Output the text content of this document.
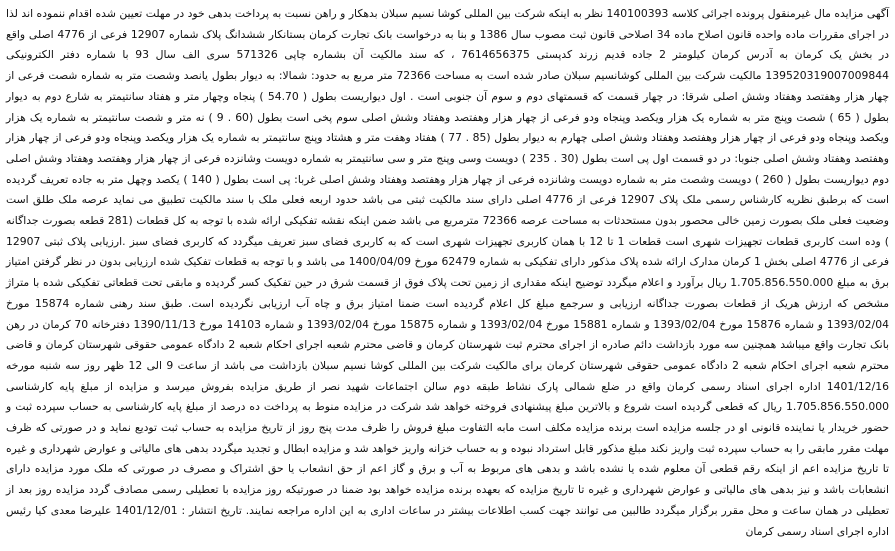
آگهی مزایده مال غیرمنقول پرونده اجرائی کلاسه 140100393 نظر به اینکه شرکت بین المللی کوشا نسیم سبلان بدهکار و راهن نسبت به پرداخت بدهی خود در مهلت تعیین شده اقدام ننموده اند لذا در اجرای مقررات ماده واحده قانون اصلاح ماده 34 اصلاحی قانون ثبت مصوب سال 1386 و بنا به درخواست بانک تجارت کرمان بستانکار ششدانگ پلاک شماره 12907 فرعی از 4776 اصلی واقع در بخش یک کرمان به آدرس کرمان کیلومتر 2 جاده قدیم زرند کدپستی 7614656375 ، که سند مالکیت آن بشماره چاپی 571326 سری الف سال 93 با شماره دفتر الکترونیکی 139520319007009844 مالکیت شرکت بین المللی کوشانسیم سبلان صادر شده است به مساحت 72366 متر مربع به حدود: شمالا: به دیوار بطول یانصد وشصت متر به شماره شصت فرعی از چهار هزار وهفتصد وهفتاد وشش اصلی شرقا: در چهار قسمت که قسمتهای دوم و سوم آن جنوبی است . اول دیواریست بطول ( 54.70 ) پنجاه وچهار متر و هفتاد سانتیمتر به شارع دوم به دیوار بطول ( 65 ) شصت وپنج متر به شماره یک هزار ویکصد وپنجاه ودو فرعی از چهار هزار وهفتصد وهفتاد وشش اصلی سوم پخی است بطول (60 . 9 ) نه متر و شصت سانتیمتر به شماره یک هزار ویکصد وپنجاه ودو فرعی از چهار هزار وهفتصد وهفتاد وشش اصلی چهارم به دیوار بطول (85 . 77 ) هفتاد وهفت متر و هشتاد وپنج سانتیمتر به شماره یک هزار ویکصد وپنجاه ودو فرعی از چهار هزار وهفتصد وهفتاد وشش اصلی جنوبا: در دو قسمت اول پی است بطول (30 . 235 ) دویست وسی وپنج متر و سی سانتیمتر به شماره دویست وشانزده فرعی از چهار هزار وهفتصد وهفتاد وشش اصلی دوم دیواریست بطول ( 260 ) دویست وشصت متر به شماره دویست وشانزده فرعی از چهار هزار وهفتصد وهفتاد وشش اصلی غربا: پی است بطول ( 140 ) یکصد وچهل متر به جاده تعریف گردیده است که برطبق نظریه کارشناس رسمی ملک پلاک 12907 فرعی از 4776 اصلی دارای سند مالکیت ثبتی می باشد حدود اربعه فعلی ملک با سند مالکیت تطبیق می نماید عرصه ملک طلق است وضعیت فعلی ملک بصورت زمین خالی محصور بدون مستحدثات به مساحت عرصه 72366 مترمربع می باشد ضمن اینکه نقشه تفکیکی ارائه شده با توجه به کل قطعات (281 قطعه بصورت جداگانه ) وده است کاربری قطعات تجهیزات شهری است قطعات 1 تا 12 با همان کاربری تجهیزات شهری است که به کاربری فضای سبز تعریف میگردد که کاربری فضای سبز .ارزیابی پلاک ثبتی 12907 فرعی از 4776 اصلی بخش 1 کرمان مدارک ارائه شده پلاک مذکور دارای تفکیکی به شماره 62479 مورخ 1400/04/09 می باشد و با توجه به قطعات تفکیک شده ارزیابی بدون در نظر گرفتن امتیاز برق به مبلغ 1.705.856.550.000 ریال برآورد و اعلام میگردد توضیح اینکه مقداری از زمین تحت پلاک فوق از قسمت شرق در حین تفکیک کسر گردیده و مابقی تحت قطعاتی تفکیکی شده با متراژ مشخص که ارزش هریک از قطعات بصورت جداگانه ارزیابی و سرجمع مبلغ کل اعلام گردیده است ضمنا امتیاز برق و چاه آب ارزیابی نگردیده است. طبق سند رهنی شماره 15874 مورخ 1393/02/04 و شماره 15876 مورخ 1393/02/04 و شماره 15881 مورخ 1393/02/04 و شماره 15875 مورخ 1393/02/04 و شماره 14103 مورخ 1390/11/13 دفترخانه 70 کرمان در رهن بانک تجارت واقع میباشد همچنین سه مورد بازداشت دائم صادره از اجرای محترم ثبت شهرستان کرمان و قاضی محترم شعبه اجرای احکام شعبه 2 دادگاه عمومی حقوقی شهرستان کرمان و قاضی محترم شعبه اجرای احکام شعبه 2 دادگاه عمومی حقوقی شهرستان کرمان برای مالکیت شرکت بین المللی کوشا نسیم سبلان بازداشت می باشد از ساعت 9 الی 12 ظهر روز سه شنبه مورخه 1401/12/16 اداره اجرای اسناد رسمی کرمان واقع در ضلع شمالی پارک نشاط طبقه دوم سالن اجتماعات شهید نصر از طریق مزایده بفروش میرسد و مزایده از مبلغ پایه کارشناسی 1.705.856.550.000 ریال که قطعی گردیده است شروع و بالاترین مبلغ پیشنهادی فروخته خواهد شد شرکت در مزایده منوط به پرداخت ده درصد از مبلغ پایه کارشناسی به حساب سپرده ثبت و حضور خریدار یا نماینده قانونی او در جلسه مزایده است برنده مزایده مکلف است مابه التفاوت مبلغ فروش را ظرف مدت پنج روز از تاریخ مزایده به حساب ثبت تودیع نماید و در صورتی که ظرف مهلت مقرر مابقی را به حساب سپرده ثبت واریز نکند مبلغ مذکور قابل استرداد نبوده و به حساب خزانه واریز خواهد شد و مزایده ابطال و تجدید میگردد بدهی های مالیاتی و عوارض شهرداری و غیره تا تاریخ مزایده اعم از اینکه رقم قطعی آن معلوم شده یا نشده باشد و بدهی های مربوط به آب و برق و گاز اعم از حق انشعاب یا حق اشتراک و مصرف در صورتی که ملک مورد مزایده دارای انشعابات باشد و نیز بدهی های مالیاتی و عوارض شهرداری و غیره تا تاریخ مزایده که بعهده برنده مزایده خواهد بود ضمنا در صورتیکه روز مزایده با تعطیلی رسمی مصادف گردد مزایده روز بعد از تعطیلی در همان ساعت و محل مقرر برگزار میگردد طالبین می توانند جهت کسب اطلاعات بیشتر در ساعات اداری به این اداره مراجعه نمایند. تاریخ انتشار : 1401/12/01 علیرضا معدی کیا رئیس اداره اجرای اسناد رسمی کرمان
